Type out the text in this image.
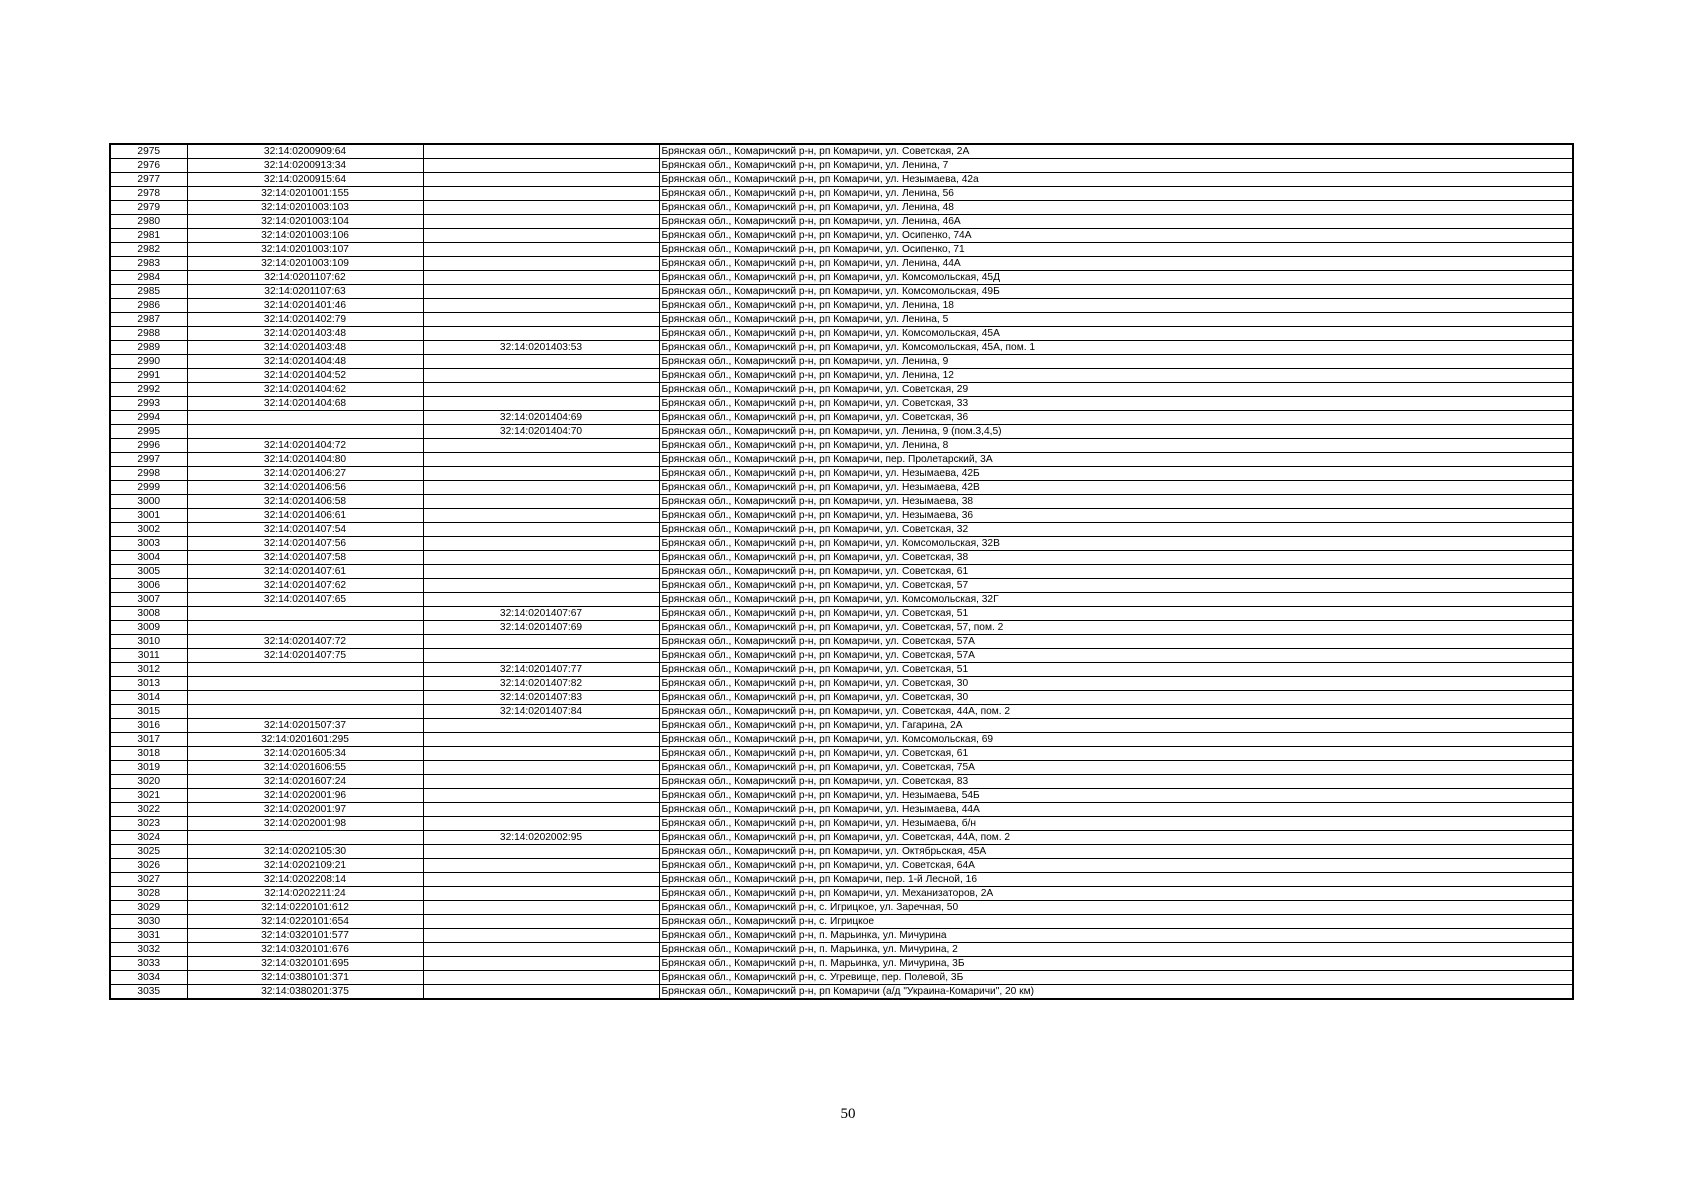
2975	32:14:0200909:64		Брянская обл., Комаричский р-н, рп Комаричи, ул. Советская, 2А
2976	32:14:0200913:34		Брянская обл., Комаричский р-н, рп Комаричи, ул. Ленина, 7
2977	32:14:0200915:64		Брянская обл., Комаричский р-н, рп Комаричи, ул. Незымаева, 42а
2978	32:14:0201001:155		Брянская обл., Комаричский р-н, рп Комаричи, ул. Ленина, 56
2979	32:14:0201003:103		Брянская обл., Комаричский р-н, рп Комаричи, ул. Ленина, 48
2980	32:14:0201003:104		Брянская обл., Комаричский р-н, рп Комаричи, ул. Ленина, 46А
2981	32:14:0201003:106		Брянская обл., Комаричский р-н, рп Комаричи, ул. Осипенко, 74А
2982	32:14:0201003:107		Брянская обл., Комаричский р-н, рп Комаричи, ул. Осипенко, 71
2983	32:14:0201003:109		Брянская обл., Комаричский р-н, рп Комаричи, ул. Ленина, 44А
2984	32:14:0201107:62		Брянская обл., Комаричский р-н, рп Комаричи, ул. Комсомольская, 45Д
2985	32:14:0201107:63		Брянская обл., Комаричский р-н, рп Комаричи, ул. Комсомольская, 49Б
2986	32:14:0201401:46		Брянская обл., Комаричский р-н, рп Комаричи, ул. Ленина, 18
2987	32:14:0201402:79		Брянская обл., Комаричский р-н, рп Комаричи, ул. Ленина, 5
2988	32:14:0201403:48		Брянская обл., Комаричский р-н, рп Комаричи, ул. Комсомольская, 45А
2989	32:14:0201403:48	32:14:0201403:53	Брянская обл., Комаричский р-н, рп Комаричи, ул. Комсомольская, 45А, пом. 1
2990	32:14:0201404:48		Брянская обл., Комаричский р-н, рп Комаричи, ул. Ленина, 9
2991	32:14:0201404:52		Брянская обл., Комаричский р-н, рп Комаричи, ул. Ленина, 12
2992	32:14:0201404:62		Брянская обл., Комаричский р-н, рп Комаричи, ул. Советская, 29
2993	32:14:0201404:68		Брянская обл., Комаричский р-н, рп Комаричи, ул. Советская, 33
2994		32:14:0201404:69	Брянская обл., Комаричский р-н, рп Комаричи, ул. Советская, 36
2995		32:14:0201404:70	Брянская обл., Комаричский р-н, рп Комаричи, ул. Ленина, 9 (пом.3,4,5)
2996	32:14:0201404:72		Брянская обл., Комаричский р-н, рп Комаричи, ул. Ленина, 8
2997	32:14:0201404:80		Брянская обл., Комаричский р-н, рп Комаричи, пер. Пролетарский, 3А
2998	32:14:0201406:27		Брянская обл., Комаричский р-н, рп Комаричи, ул. Незымаева, 42Б
2999	32:14:0201406:56		Брянская обл., Комаричский р-н, рп Комаричи, ул. Незымаева, 42В
3000	32:14:0201406:58		Брянская обл., Комаричский р-н, рп Комаричи, ул. Незымаева, 38
3001	32:14:0201406:61		Брянская обл., Комаричский р-н, рп Комаричи, ул. Незымаева, 36
3002	32:14:0201407:54		Брянская обл., Комаричский р-н, рп Комаричи, ул. Советская, 32
3003	32:14:0201407:56		Брянская обл., Комаричский р-н, рп Комаричи, ул. Комсомольская, 32В
3004	32:14:0201407:58		Брянская обл., Комаричский р-н, рп Комаричи, ул. Советская, 38
3005	32:14:0201407:61		Брянская обл., Комаричский р-н, рп Комаричи, ул. Советская, 61
3006	32:14:0201407:62		Брянская обл., Комаричский р-н, рп Комаричи, ул. Советская, 57
3007	32:14:0201407:65		Брянская обл., Комаричский р-н, рп Комаричи, ул. Комсомольская, 32Г
3008		32:14:0201407:67	Брянская обл., Комаричский р-н, рп Комаричи, ул. Советская, 51
3009		32:14:0201407:69	Брянская обл., Комаричский р-н, рп Комаричи, ул. Советская, 57, пом. 2
3010	32:14:0201407:72		Брянская обл., Комаричский р-н, рп Комаричи, ул. Советская, 57А
3011	32:14:0201407:75		Брянская обл., Комаричский р-н, рп Комаричи, ул. Советская, 57А
3012		32:14:0201407:77	Брянская обл., Комаричский р-н, рп Комаричи, ул. Советская, 51
3013		32:14:0201407:82	Брянская обл., Комаричский р-н, рп Комаричи, ул. Советская, 30
3014		32:14:0201407:83	Брянская обл., Комаричский р-н, рп Комаричи, ул. Советская, 30
3015		32:14:0201407:84	Брянская обл., Комаричский р-н, рп Комаричи, ул. Советская, 44А, пом. 2
3016	32:14:0201507:37		Брянская обл., Комаричский р-н, рп Комаричи, ул. Гагарина, 2А
3017	32:14:0201601:295		Брянская обл., Комаричский р-н, рп Комаричи, ул. Комсомольская, 69
3018	32:14:0201605:34		Брянская обл., Комаричский р-н, рп Комаричи, ул. Советская, 61
3019	32:14:0201606:55		Брянская обл., Комаричский р-н, рп Комаричи, ул. Советская, 75А
3020	32:14:0201607:24		Брянская обл., Комаричский р-н, рп Комаричи, ул. Советская, 83
3021	32:14:0202001:96		Брянская обл., Комаричский р-н, рп Комаричи, ул. Незымаева, 54Б
3022	32:14:0202001:97		Брянская обл., Комаричский р-н, рп Комаричи, ул. Незымаева, 44А
3023	32:14:0202001:98		Брянская обл., Комаричский р-н, рп Комаричи, ул. Незымаева, б/н
3024		32:14:0202002:95	Брянская обл., Комаричский р-н, рп Комаричи, ул. Советская, 44А, пом. 2
3025	32:14:0202105:30		Брянская обл., Комаричский р-н, рп Комаричи, ул. Октябрьская, 45А
3026	32:14:0202109:21		Брянская обл., Комаричский р-н, рп Комаричи, ул. Советская, 64А
3027	32:14:0202208:14		Брянская обл., Комаричский р-н, рп Комаричи, пер. 1-й Лесной, 16
3028	32:14:0202211:24		Брянская обл., Комаричский р-н, рп Комаричи, ул. Механизаторов, 2А
3029	32:14:0220101:612		Брянская обл., Комаричский р-н, с. Игрицкое, ул. Заречная, 50
3030	32:14:0220101:654		Брянская обл., Комаричский р-н, с. Игрицкое
3031	32:14:0320101:577		Брянская обл., Комаричский р-н, п. Марьинка, ул. Мичурина
3032	32:14:0320101:676		Брянская обл., Комаричский р-н, п. Марьинка, ул. Мичурина, 2
3033	32:14:0320101:695		Брянская обл., Комаричский р-н, п. Марьинка, ул. Мичурина, 3Б
3034	32:14:0380101:371		Брянская обл., Комаричский р-н, с. Угревище, пер. Полевой, 3Б
3035	32:14:0380201:375		Брянская обл., Комаричский р-н, рп Комаричи (а/д "Украина-Комаричи", 20 км)
50
